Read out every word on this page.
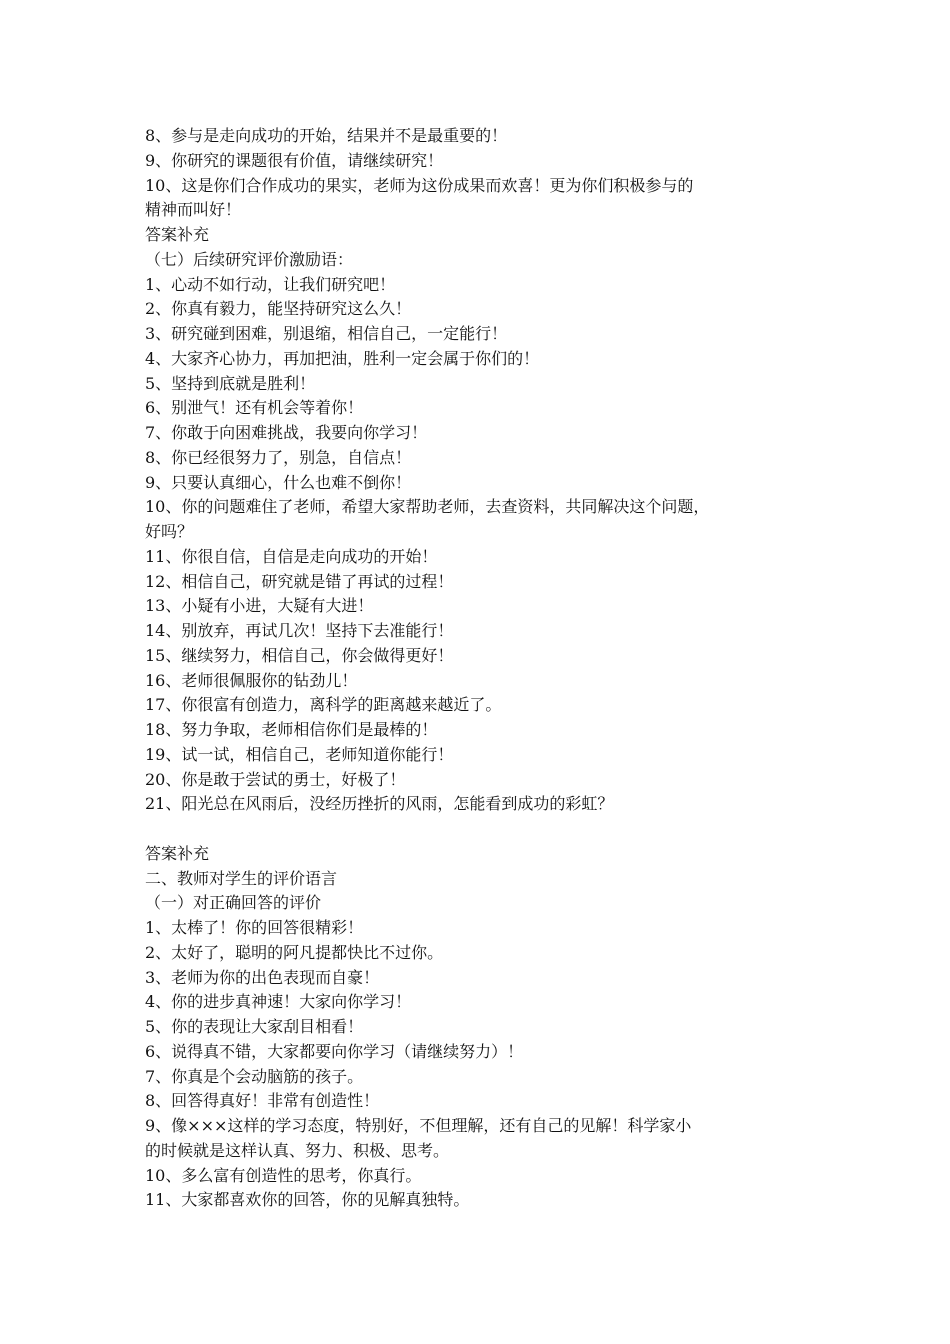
8、参与是走向成功的开始，结果并不是最重要的！
9、你研究的课题很有价值，请继续研究！
10、这是你们合作成功的果实，老师为这份成果而欢喜！更为你们积极参与的
精神而叫好！
答案补充
（七）后续研究评价激励语：
1、心动不如行动，让我们研究吧！
2、你真有毅力，能坚持研究这么久！
3、研究碰到困难，别退缩，相信自己，一定能行！
4、大家齐心协力，再加把油，胜利一定会属于你们的！
5、坚持到底就是胜利！
6、别泄气！还有机会等着你！
7、你敢于向困难挑战，我要向你学习！
8、你已经很努力了，别急，自信点！
9、只要认真细心，什么也难不倒你！
10、你的问题难住了老师，希望大家帮助老师，去查资料，共同解决这个问题，
好吗？
11、你很自信，自信是走向成功的开始！
12、相信自己，研究就是错了再试的过程！
13、小疑有小进，大疑有大进！
14、别放弃，再试几次！坚持下去准能行！
15、继续努力，相信自己，你会做得更好！
16、老师很佩服你的钻劲儿！
17、你很富有创造力，离科学的距离越来越近了。
18、努力争取，老师相信你们是最棒的！
19、试一试，相信自己，老师知道你能行！
20、你是敢于尝试的勇士，好极了！
21、阳光总在风雨后，没经历挫折的风雨，怎能看到成功的彩虹？
答案补充
二、教师对学生的评价语言
（一）对正确回答的评价
1、太棒了！你的回答很精彩！
2、太好了，聪明的阿凡提都快比不过你。
3、老师为你的出色表现而自豪！
4、你的进步真神速！大家向你学习！
5、你的表现让大家刮目相看！
6、说得真不错，大家都要向你学习（请继续努力）！
7、你真是个会动脑筋的孩子。
8、回答得真好！非常有创造性！
9、像×××这样的学习态度，特别好，不但理解，还有自己的见解！科学家小
的时候就是这样认真、努力、积极、思考。
10、多么富有创造性的思考，你真行。
11、大家都喜欢你的回答，你的见解真独特。
